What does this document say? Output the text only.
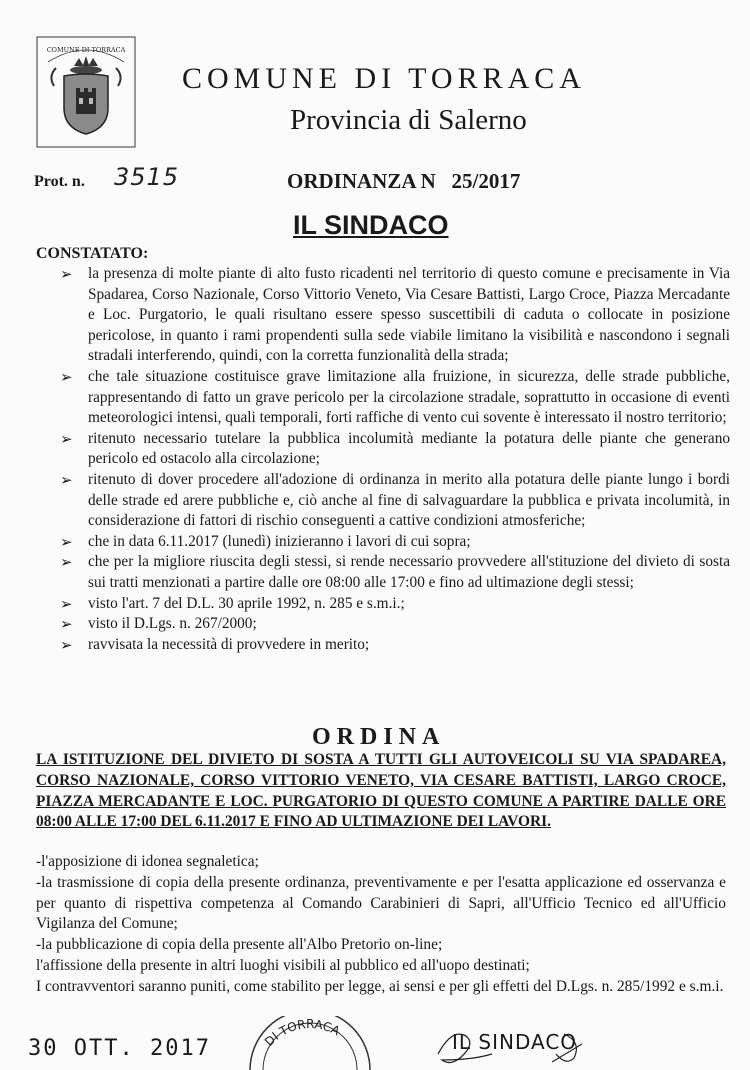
COMUNE DI TORRACA
COMUNE DI TORRACA
Provincia di Salerno
Prot. n. 3515	ORDINANZA N   25/2017
IL SINDACO
CONSTATATO:
➢ la presenza di molte piante di alto fusto ricadenti nel territorio di questo comune e precisamente in Via Spadarea, Corso Nazionale, Corso Vittorio Veneto, Via Cesare Battisti, Largo Croce, Piazza Mercadante e Loc. Purgatorio, le quali risultano essere spesso suscettibili di caduta o collocate in posizione pericolose, in quanto i rami propendenti sulla sede viabile limitano la visibilità e nascondono i segnali stradali interferendo, quindi, con la corretta funzionalità della strada;
➢ che tale situazione costituisce grave limitazione alla fruizione, in sicurezza, delle strade pubbliche, rappresentando di fatto un grave pericolo per la circolazione stradale, soprattutto in occasione di eventi meteorologici intensi, quali temporali, forti raffiche di vento cui sovente è interessato il nostro territorio;
➢ ritenuto necessario tutelare la pubblica incolumità mediante la potatura delle piante che generano pericolo ed ostacolo alla circolazione;
➢ ritenuto di dover procedere all'adozione di ordinanza in merito alla potatura delle piante lungo i bordi delle strade ed arere pubbliche e, ciò anche al fine di salvaguardare la pubblica e privata incolumità, in considerazione di fattori di rischio conseguenti a cattive condizioni atmosferiche;
➢ che in data 6.11.2017 (lunedì) inizieranno i lavori di cui sopra;
➢ che per la migliore riuscita degli stessi, si rende necessario provvedere all'stituzione del divieto di sosta sui tratti menzionati a partire dalle ore 08:00 alle 17:00 e fino ad ultimazione degli stessi;
➢ visto l'art. 7 del D.L. 30 aprile 1992, n. 285 e s.m.i.;
➢ visto il D.Lgs. n. 267/2000;
➢ ravvisata la necessità di provvedere in merito;
ORDINA
LA ISTITUZIONE DEL DIVIETO DI SOSTA A TUTTI GLI AUTOVEICOLI SU VIA SPADAREA, CORSO NAZIONALE, CORSO VITTORIO VENETO, VIA CESARE BATTISTI, LARGO CROCE, PIAZZA MERCADANTE E LOC. PURGATORIO DI QUESTO COMUNE A PARTIRE DALLE ORE 08:00 ALLE 17:00 DEL 6.11.2017 E FINO AD ULTIMAZIONE DEI LAVORI.
-l'apposizione di idonea segnaletica;
-la trasmissione di copia della presente ordinanza, preventivamente e per l'esatta applicazione ed osservanza e per quanto di rispettiva competenza al Comando Carabinieri di Sapri, all'Ufficio Tecnico ed all'Ufficio Vigilanza del Comune;
-la pubblicazione di copia della presente all'Albo Pretorio on-line;
l'affissione della presente in altri luoghi visibili al pubblico ed all'uopo destinati;
I contravventori saranno puniti, come stabilito per legge, ai sensi e per gli effetti del D.Lgs. n. 285/1992 e s.m.i.
30 OTT. 2017	DI TORRACA	IL SINDACO
